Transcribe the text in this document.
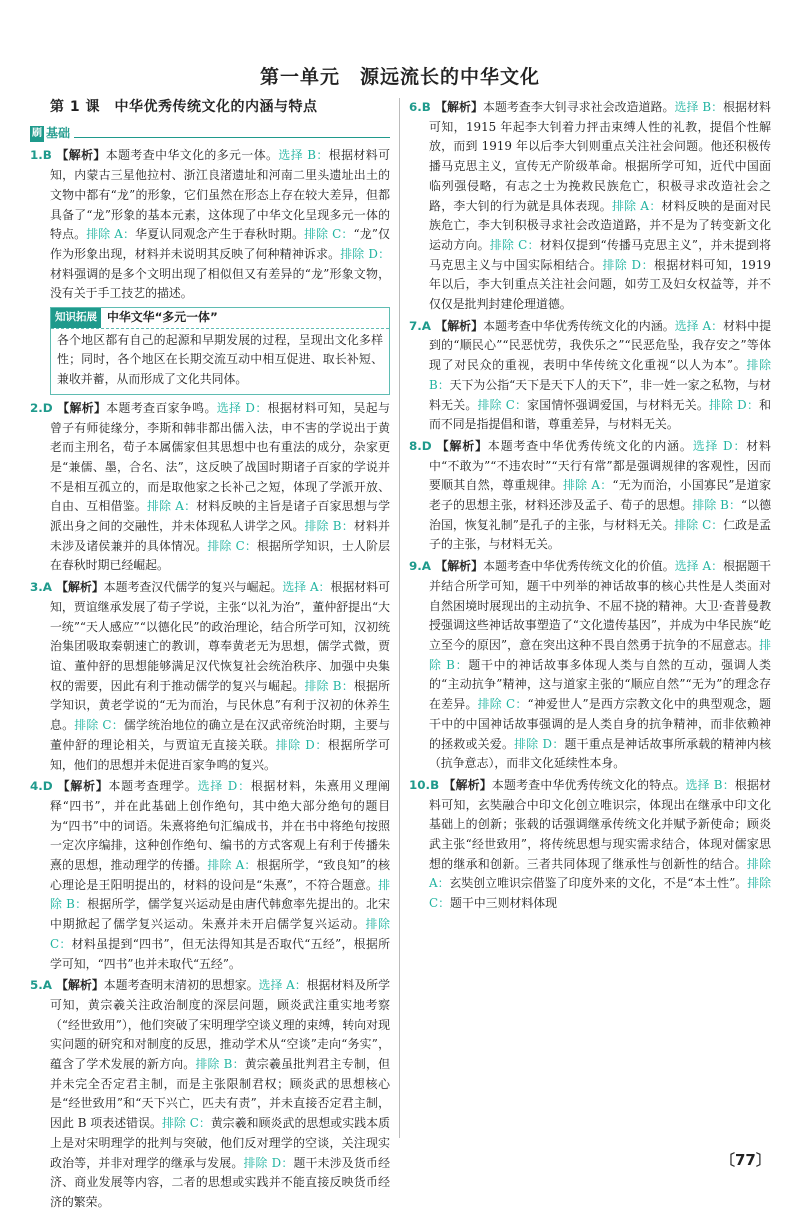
第一单元　源远流长的中华文化
第 1 课　中华优秀传统文化的内涵与特点
刷 基础

1.B 【解析】本题考查中华文化的多元一体。选择 B：根据材料可知，内蒙古三星他拉村、浙江良渚遗址和河南二里头遗址出土的文物中都有“龙”的形象，它们虽然在形态上存在较大差异，但都具备了“龙”形象的基本元素，这体现了中华文化呈现多元一体的特点。排除 A：华夏认同观念产生于春秋时期。排除 C：“龙”仅作为形象出现，材料并未说明其反映了何种精神诉求。排除 D：材料强调的是多个文明出现了相似但又有差异的“龙”形象文物，没有关于手工技艺的描述。

知识拓展 中华文华“多元一体”

各个地区都有自己的起源和早期发展的过程，呈现出文化多样性；同时，各个地区在长期交流互动中相互促进、取长补短、兼收并蓄，从而形成了文化共同体。

2.D 【解析】本题考查百家争鸣。选择 D：根据材料可知，吴起与曾子有师徒缘分，李斯和韩非都出儒入法，申不害的学说出于黄老而主刑名，荀子本属儒家但其思想中也有重法的成分，杂家更是“兼儒、墨，合名、法”，这反映了战国时期诸子百家的学说并不是相互孤立的，而是取他家之长补己之短，体现了学派开放、自由、互相借鉴。排除 A：材料反映的主旨是诸子百家思想与学派出身之间的交融性，并未体现私人讲学之风。排除 B：材料并未涉及诸侯兼并的具体情况。排除 C：根据所学知识，士人阶层在春秋时期已经崛起。

3.A 【解析】本题考查汉代儒学的复兴与崛起。选择 A：根据材料可知，贾谊继承发展了荀子学说，主张“以礼为治”，董仲舒提出“大一统”“天人感应”“以德化民”的政治理论，结合所学可知，汉初统治集团吸取秦朝速亡的教训，尊奉黄老无为思想，儒学式微，贾谊、董仲舒的思想能够满足汉代恢复社会统治秩序、加强中央集权的需要，因此有利于推动儒学的复兴与崛起。排除 B：根据所学知识，黄老学说的“无为而治，与民休息”有利于汉初的休养生息。排除 C：儒学统治地位的确立是在汉武帝统治时期，主要与董仲舒的理论相关，与贾谊无直接关联。排除 D：根据所学可知，他们的思想并未促进百家争鸣的复兴。

4.D 【解析】本题考查理学。选择 D：根据材料，朱熹用义理阐释“四书”，并在此基础上创作绝句，其中绝大部分绝句的题目为“四书”中的词语。朱熹将绝句汇编成书，并在书中将绝句按照一定次序编排，这种创作绝句、编书的方式客观上有利于传播朱熹的思想，推动理学的传播。排除 A：根据所学，“致良知”的核心理论是王阳明提出的，材料的设问是“朱熹”，不符合题意。排除 B：根据所学，儒学复兴运动是由唐代韩愈率先提出的。北宋中期掀起了儒学复兴运动。朱熹并未开启儒学复兴运动。排除 C：材料虽提到“四书”，但无法得知其是否取代“五经”，根据所学可知，“四书”也并未取代“五经”。

5.A 【解析】本题考查明末清初的思想家。选择 A：根据材料及所学可知，黄宗羲关注政治制度的深层问题，顾炎武注重实地考察（“经世致用”），他们突破了宋明理学空谈义理的束缚，转向对现实问题的研究和对制度的反思，推动学术从“空谈”走向“务实”，蕴含了学术发展的新方向。排除 B：黄宗羲虽批判君主专制，但并未完全否定君主制，而是主张限制君权；顾炎武的思想核心是“经世致用”和“天下兴亡，匹夫有责”，并未直接否定君主制，因此 B 项表述错误。排除 C：黄宗羲和顾炎武的思想或实践本质上是对宋明理学的批判与突破，他们反对理学的空谈，关注现实政治等，并非对理学的继承与发展。排除 D：题干未涉及货币经济、商业发展等内容，二者的思想或实践并不能直接反映货币经济的繁荣。

6.B 【解析】本题考查李大钊寻求社会改造道路。选择 B：根据材料可知，1915 年起李大钊着力抨击束缚人性的礼教，提倡个性解放，而到 1919 年以后李大钊则重点关注社会问题。他还积极传播马克思主义，宣传无产阶级革命。根据所学可知，近代中国面临列强侵略，有志之士为挽救民族危亡，积极寻求改造社会之路，李大钊的行为就是具体表现。排除 A：材料反映的是面对民族危亡，李大钊积极寻求社会改造道路，并不是为了转变新文化运动方向。排除 C：材料仅提到“传播马克思主义”，并未提到将马克思主义与中国实际相结合。排除 D：根据材料可知，1919 年以后，李大钊重点关注社会问题，如劳工及妇女权益等，并不仅仅是批判封建伦理道德。

7.A 【解析】本题考查中华优秀传统文化的内涵。选择 A：材料中提到的“顺民心”“民恶忧劳，我佚乐之”“民恶危坠，我存安之”等体现了对民众的重视，表明中华传统文化重视“以人为本”。排除 B：天下为公指“天下是天下人的天下”，非一姓一家之私物，与材料无关。排除 C：家国情怀强调爱国，与材料无关。排除 D：和而不同是指提倡和谐，尊重差异，与材料无关。

8.D 【解析】本题考查中华优秀传统文化的内涵。选择 D：材料中“不敢为”“不违农时”“天行有常”都是强调规律的客观性，因而要顺其自然，尊重规律。排除 A：“无为而治，小国寡民”是道家老子的思想主张，材料还涉及孟子、荀子的思想。排除 B：“以德治国，恢复礼制”是孔子的主张，与材料无关。排除 C：仁政是孟子的主张，与材料无关。

9.A 【解析】本题考查中华优秀传统文化的价值。选择 A：根据题干并结合所学可知，题干中列举的神话故事的核心共性是人类面对自然困境时展现出的主动抗争、不屈不挠的精神。大卫·查普曼教授强调这些神话故事塑造了“文化遗传基因”，并成为中华民族“屹立至今的原因”，意在突出这种不畏自然勇于抗争的不屈意志。排除 B：题干中的神话故事多体现人类与自然的互动，强调人类的“主动抗争”精神，这与道家主张的“顺应自然”“无为”的理念存在差异。排除 C：“神爱世人”是西方宗教文化中的典型观念，题干中的中国神话故事强调的是人类自身的抗争精神，而非依赖神的拯救或关爱。排除 D：题干重点是神话故事所承载的精神内核（抗争意志），而非文化延续性本身。

10.B 【解析】本题考查中华优秀传统文化的特点。选择 B：根据材料可知，玄奘融合中印文化创立唯识宗，体现出在继承中印文化基础上的创新；张载的话强调继承传统文化并赋予新使命；顾炎武主张“经世致用”，将传统思想与现实需求结合，体现对儒家思想的继承和创新。三者共同体现了继承性与创新性的结合。排除 A：玄奘创立唯识宗借鉴了印度外来的文化，不是“本土性”。排除 C：题干中三则材料体现

〔77〕
